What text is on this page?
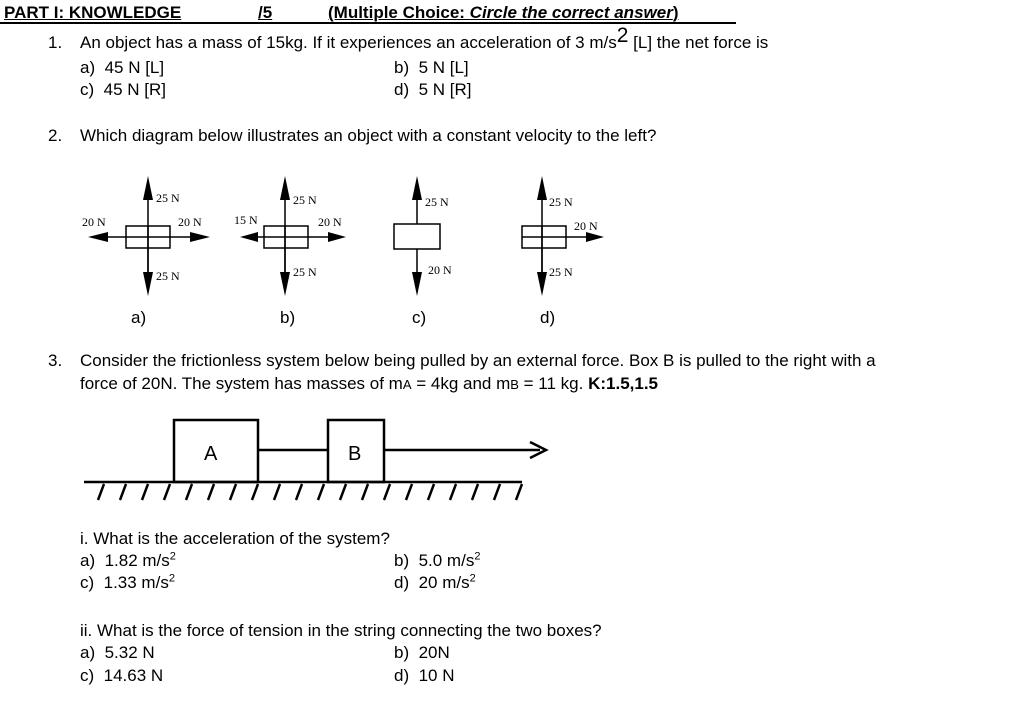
PART I: KNOWLEDGE	/5	(Multiple Choice: Circle the correct answer)
1. An object has a mass of 15kg. If it experiences an acceleration of 3 m/s2 [L] the net force is
a) 45 N [L]	b) 5 N [L]
c) 45 N [R]	d) 5 N [R]
2. Which diagram below illustrates an object with a constant velocity to the left?
25 N
25 N
20 N	20 N
a)
25 N
25 N
15 N	20 N
b)
25 N
20 N
c)
25 N
25 N
20 N
d)
3. Consider the frictionless system below being pulled by an external force. Box B is pulled to the right with a
force of 20N. The system has masses of mA = 4kg and mB = 11 kg. K:1.5,1.5
A	B
i. What is the acceleration of the system?
a) 1.82 $m/s^2$	b) 5.0 $m/s^2$
c) 1.33 $m/s^2$	d) 20 $m/s^2$
ii. What is the force of tension in the string connecting the two boxes?
a) 5.32 N	b) 20N
c) 14.63 N	d) 10 N
